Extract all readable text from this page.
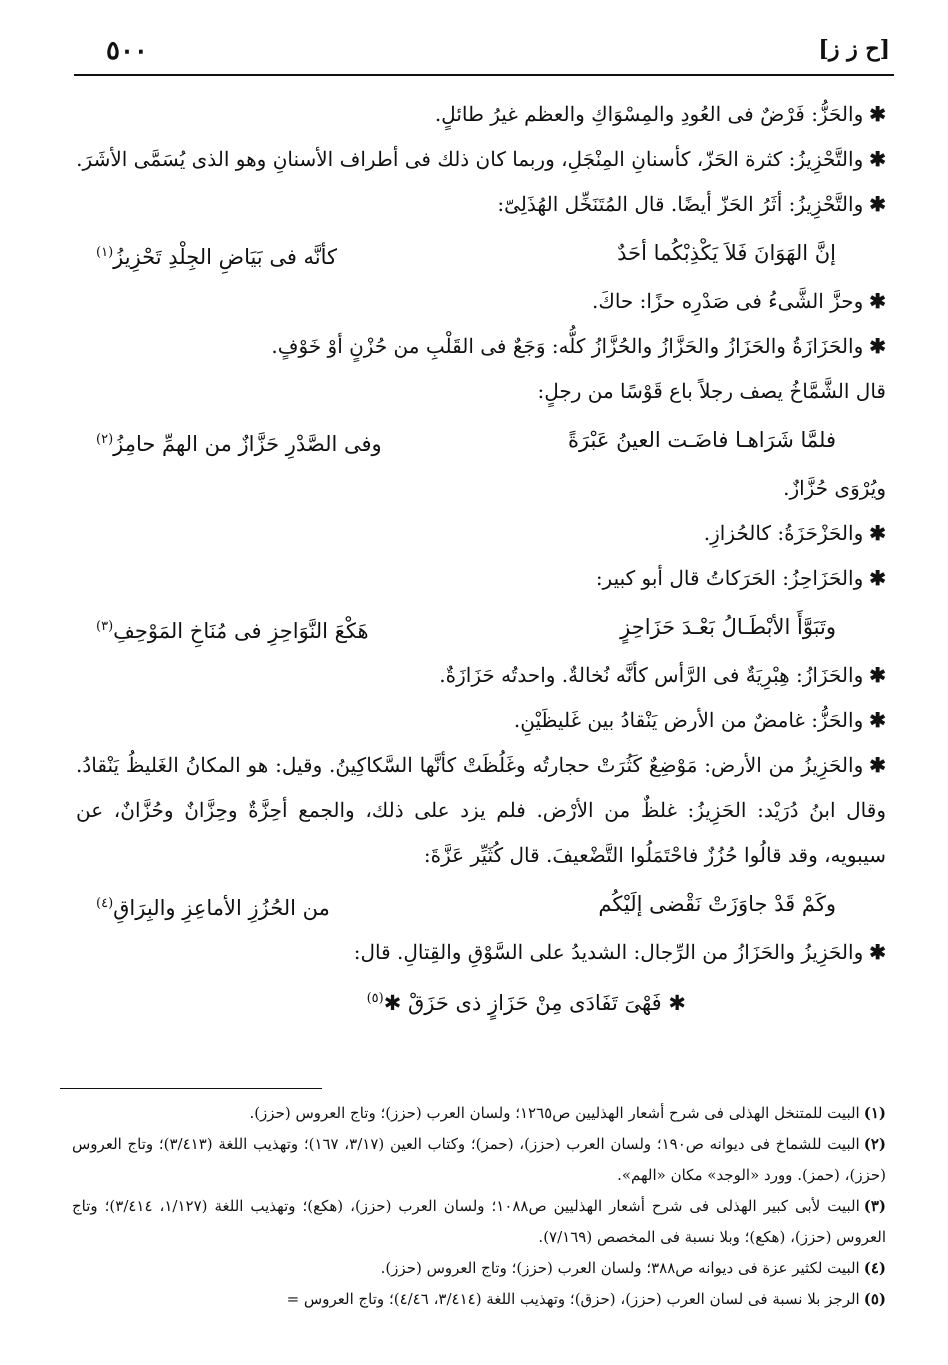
٥٠٠	[ح ز ز]

✱والحَزُّ: فَرْضٌ فى العُودِ والمِسْوَاكِ والعظم غيرُ طائلٍ.

✱والتَّحْزِيزُ: كثرة الحَزّ، كأسنانِ المِنْجَلِ، وربما كان ذلك فى أطراف الأسنانِ وهو الذى يُسَمَّى الأشَرَ.

✱والتَّحْزِيزُ: أثَرُ الحَزّ أيضًا. قال المُتَنَخِّل الهُذَلِىّ:

إنَّ الهَوَانَ فَلاَ يَكْذِبْكُما أحَدٌ
كأنَّه فى بَيَاضِ الجِلْدِ تَحْزِيزُ$^{(١)}$

✱وحزَّ الشَّىءُ فى صَدْرِه حزًا: حاكَ.

✱والحَزَازَةُ والحَزَازُ والحَزَّازُ والحُزَّازُ كلُّه: وَجَعٌ فى القَلْبِ من حُزْنٍ أوْ خَوْفٍ.

قال الشَّمَّاخُ يصف رجلاً باع قَوْسًا من رجلٍ:

فلمَّا شَرَاهـا فاضَـت العينُ عَبْرَةً
وفى الصَّدْرِ حَزَّازٌ من الهمِّ حامِزُ$^{(٢)}$

ويُرْوَى حُزَّازٌ.

✱والحَزْحَزَةُ: كالحُزازِ.

✱والحَزَاحِزُ: الحَرَكاتُ قال أبو كبير:

وتَبَوَّأَ الأبْطَـالُ بَعْـدَ حَزَاحِزٍ
هَكْعَ النَّوَاحِزِ فى مُنَاخِ المَوْحِفِ$^{(٣)}$

✱والحَزَازُ: هِبْرِيَةٌ فى الرَّأس كأنَّه نُخالةٌ. واحدتُه حَزَازَةٌ.

✱والحَزُّ: غامضٌ من الأرض يَنْقادُ بين غَليظَيْنِ.

✱والحَزِيزُ من الأرض: مَوْضِعٌ كَثُرَتْ حجارتُه وغَلُظَتْ كأنَّها السَّكاكِينُ. وقيل: هو المكانُ الغَليظُ يَنْقادُ. وقال ابنُ دُرَيْد: الحَزِيزُ: غلظٌ من الأرْض. فلم يزد على ذلك، والجمع أحِزَّةٌ وحِزَّانٌ وحُزَّانٌ، عن سيبويه، وقد قالُوا حُزُزٌ فاحْتَمَلُوا التَّضْعيفَ. قال كُثَيِّر عَزَّةَ:

وكَمْ قَدْ جاوَزَتْ نَقْضى إلَيْكُم
من الحُزُزِ الأماعِزِ والبِرَاقِ$^{(٤)}$

✱والحَزِيزُ والحَزَازُ من الرِّجال: الشديدُ على السَّوْقِ والقِتالِ. قال:

✱ فَهْىَ تَفَادَى مِنْ حَزَازٍ ذى حَزَقْ ✱$^{(٥)}$

(١)البيت للمتنخل الهذلى فى شرح أشعار الهذليين ص١٢٦٥؛ ولسان العرب (حزز)؛ وتاج العروس (حزز).

(٢)البيت للشماخ فى ديوانه ص١٩٠؛ ولسان العرب (حزز)، (حمز)؛ وكتاب العين (٣/١٧، ١٦٧)؛ وتهذيب اللغة (٣/٤١٣)؛ وتاج العروس (حزز)، (حمز). وورد «الوجد» مكان «الهم».

(٣)البيت لأبى كبير الهذلى فى شرح أشعار الهذليين ص١٠٨٨؛ ولسان العرب (حزز)، (هكع)؛ وتهذيب اللغة (١/١٢٧، ٣/٤١٤)؛ وتاج العروس (حزز)، (هكع)؛ وبلا نسبة فى المخصص (٧/١٦٩).

(٤)البيت لكثير عزة فى ديوانه ص٣٨٨؛ ولسان العرب (حزز)؛ وتاج العروس (حزز).

(٥)الرجز بلا نسبة فى لسان العرب (حزز)، (حزق)؛ وتهذيب اللغة (٣/٤١٤، ٤/٤٦)؛ وتاج العروس =
